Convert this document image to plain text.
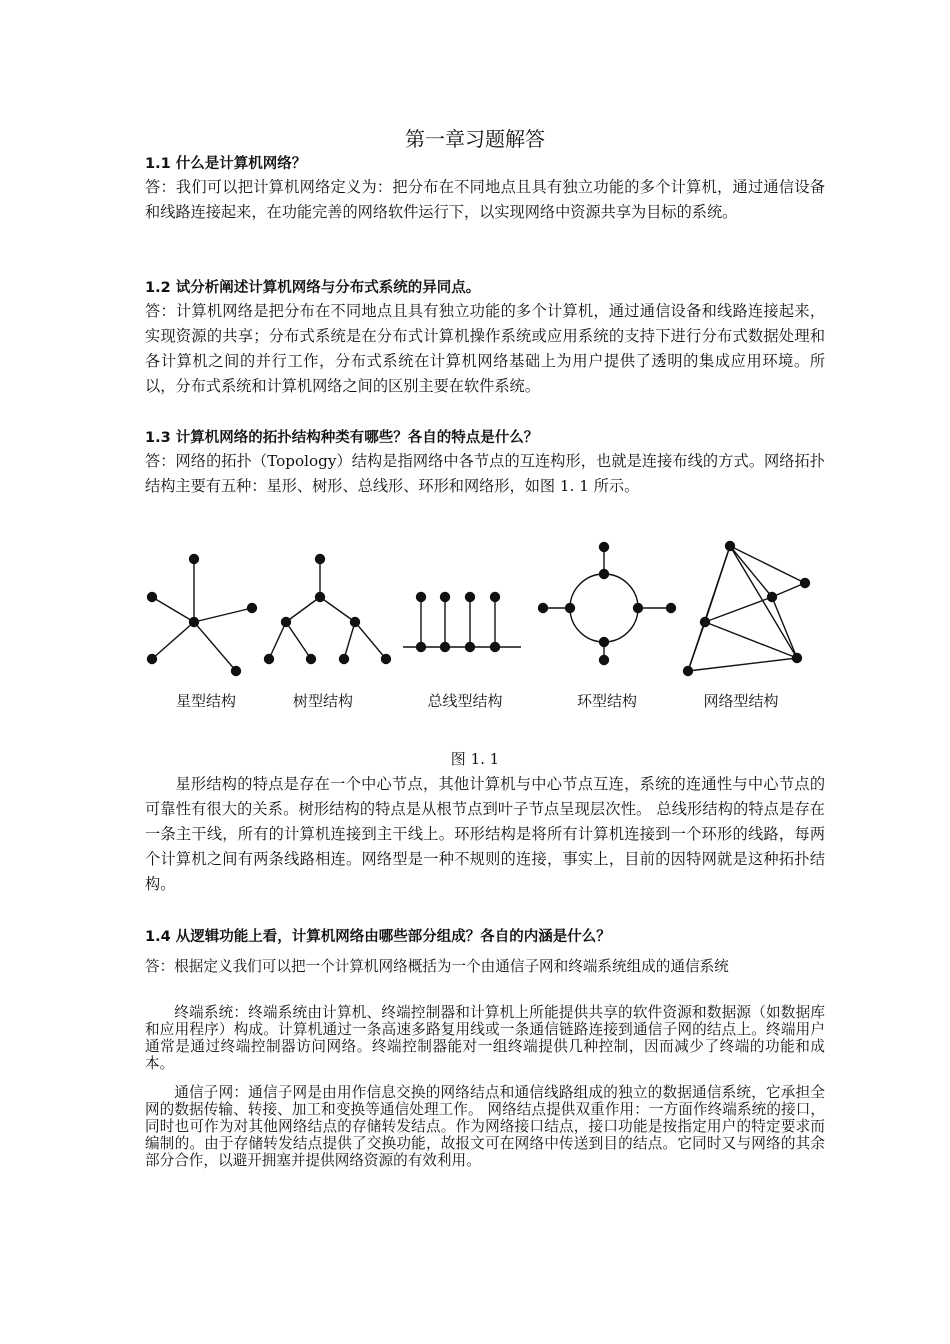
第一章习题解答
1.1 什么是计算机网络？
答：我们可以把计算机网络定义为：把分布在不同地点且具有独立功能的多个计算机，通过通信设备和线路连接起来，在功能完善的网络软件运行下，以实现网络中资源共享为目标的系统。
1.2 试分析阐述计算机网络与分布式系统的异同点。
答：计算机网络是把分布在不同地点且具有独立功能的多个计算机，通过通信设备和线路连接起来，实现资源的共享；分布式系统是在分布式计算机操作系统或应用系统的支持下进行分布式数据处理和各计算机之间的并行工作，分布式系统在计算机网络基础上为用户提供了透明的集成应用环境。所以，分布式系统和计算机网络之间的区别主要在软件系统。
1.3 计算机网络的拓扑结构种类有哪些？各自的特点是什么？
答：网络的拓扑（Topology）结构是指网络中各节点的互连构形，也就是连接布线的方式。网络拓扑结构主要有五种：星形、树形、总线形、环形和网络形，如图 1. 1 所示。
星型结构	树型结构	总线型结构	环型结构	网络型结构
图 1. 1
星形结构的特点是存在一个中心节点，其他计算机与中心节点互连，系统的连通性与中心节点的可靠性有很大的关系。树形结构的特点是从根节点到叶子节点呈现层次性。 总线形结构的特点是存在一条主干线，所有的计算机连接到主干线上。环形结构是将所有计算机连接到一个环形的线路，每两个计算机之间有两条线路相连。网络型是一种不规则的连接，事实上，目前的因特网就是这种拓扑结构。
1.4 从逻辑功能上看，计算机网络由哪些部分组成？各自的内涵是什么？
答：根据定义我们可以把一个计算机网络概括为一个由通信子网和终端系统组成的通信系统
终端系统：终端系统由计算机、终端控制器和计算机上所能提供共享的软件资源和数据源（如数据库和应用程序）构成。计算机通过一条高速多路复用线或一条通信链路连接到通信子网的结点上。终端用户通常是通过终端控制器访问网络。终端控制器能对一组终端提供几种控制，因而减少了终端的功能和成本。
通信子网：通信子网是由用作信息交换的网络结点和通信线路组成的独立的数据通信系统，它承担全网的数据传输、转接、加工和变换等通信处理工作。 网络结点提供双重作用：一方面作终端系统的接口，同时也可作为对其他网络结点的存储转发结点。作为网络接口结点，接口功能是按指定用户的特定要求而编制的。由于存储转发结点提供了交换功能，故报文可在网络中传送到目的结点。它同时又与网络的其余部分合作，以避开拥塞并提供网络资源的有效利用。
